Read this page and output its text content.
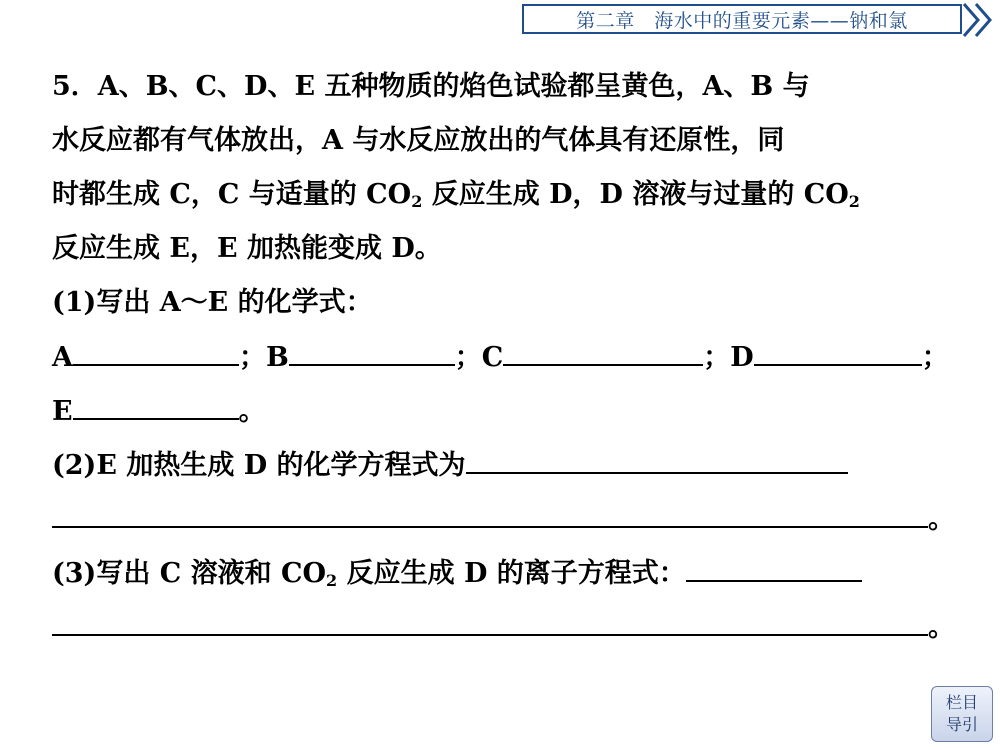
第二章　海水中的重要元素——钠和氯
5．A、B、C、D、E 五种物质的焰色试验都呈黄色，A、B 与
水反应都有气体放出，A 与水反应放出的气体具有还原性，同
时都生成 C，C 与适量的 $CO_2$ 反应生成 D，D 溶液与过量的 $CO_2$
反应生成 E，E 加热能变成 D。
(1)写出 A～E 的化学式：
A	；B	；C	；D	；
E	。
(2)E 加热生成 D 的化学方程式为
。
(3)写出 C 溶液和 $CO_2$ 反应生成 D 的离子方程式：
。
栏目
导引
